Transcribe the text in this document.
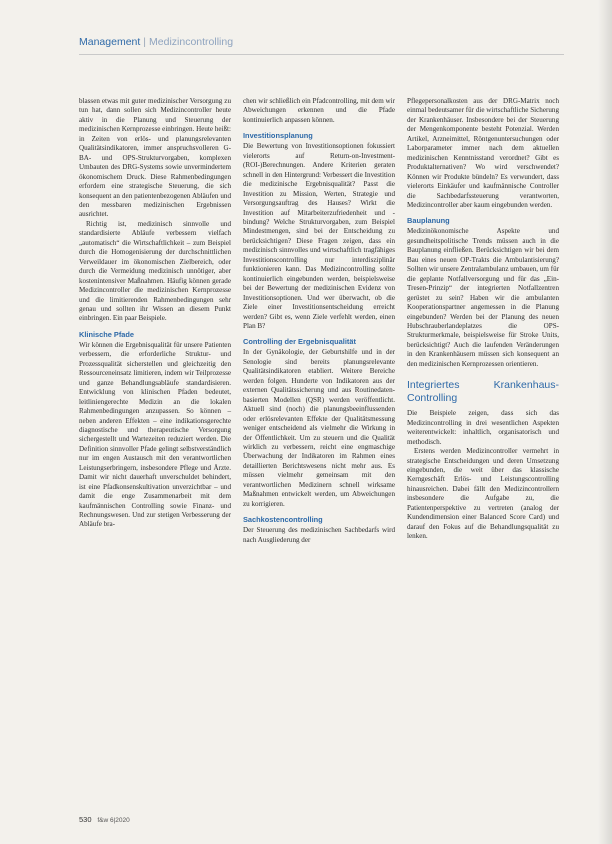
Management | Medizincontrolling

blassen etwas mit guter medizinischer Versorgung zu tun hat, dann sollen sich Medizincontroller heute aktiv in die Planung und Steuerung der medizinischen Kernprozesse einbringen. Heute heißt: in Zeiten von erlös- und planungsrelevanten Qualitätsindikatoren, immer anspruchsvolleren G-BA- und OPS-Strukturvorgaben, komplexen Umbauten des DRG-Systems sowie unvermindertem ökonomischem Druck. Diese Rahmenbedingungen erfordern eine strategische Steuerung, die sich konsequent an den patientenbezogenen Abläufen und den messbaren medizinischen Ergebnissen ausrichtet.

Richtig ist, medizinisch sinnvolle und standardisierte Abläufe verbessern vielfach „automatisch“ die Wirtschaftlichkeit – zum Beispiel durch die Homogenisierung der durchschnittlichen Verweildauer im ökonomischen Zielbereich, oder durch die Vermeidung medizinisch unnötiger, aber kostenintensiver Maßnahmen. Häufig können gerade Medizincontroller die medizinischen Kernprozesse und die limitierenden Rahmenbedingungen sehr genau und sollten ihr Wissen an diesem Punkt einbringen. Ein paar Beispiele.

Klinische Pfade

Wir können die Ergebnisqualität für unsere Patienten verbessern, die erforderliche Struktur- und Prozessqualität sicherstellen und gleichzeitig den Ressourceneinsatz limitieren, indem wir Teilprozesse und ganze Behandlungsabläufe standardisieren. Entwicklung von klinischen Pfaden bedeutet, leitliniengerechte Medizin an die lokalen Rahmenbedingungen anzupassen. So können – neben anderen Effekten – eine indikationsgerechte diagnostische und therapeutische Versorgung sichergestellt und Wartezeiten reduziert werden. Die Definition sinnvoller Pfade gelingt selbstverständlich nur im engen Austausch mit den verantwortlichen Leistungserbringern, insbesondere Pflege und Ärzte. Damit wir nicht dauerhaft unverschuldet behindert, ist eine Pfadkonsenskultivation unverzichtbar – und damit die enge Zusammenarbeit mit dem kaufmännischen Controlling sowie Finanz- und Rechnungswesen. Und zur stetigen Verbesserung der Abläufe bra-

chen wir schließlich ein Pfadcontrolling, mit dem wir Abweichungen erkennen und die Pfade kontinuierlich anpassen können.

Investitionsplanung

Die Bewertung von Investitionsoptionen fokussiert vielerorts auf Return-on-Investment-(ROI-)Berechnungen. Andere Kriterien geraten schnell in den Hintergrund: Verbessert die Investition die medizinische Ergebnisqualität? Passt die Investition zu Mission, Werten, Strategie und Versorgungsauftrag des Hauses? Wirkt die Investition auf Mitarbeiterzufriedenheit und -bindung? Welche Strukturvorgaben, zum Beispiel Mindestmengen, sind bei der Entscheidung zu berücksichtigen? Diese Fragen zeigen, dass ein medizinisch sinnvolles und wirtschaftlich tragfähiges Investitionscontrolling nur interdisziplinär funktionieren kann. Das Medizincontrolling sollte kontinuierlich eingebunden werden, beispielsweise bei der Bewertung der medizinischen Evidenz von Investitionsoptionen. Und wer überwacht, ob die Ziele einer Investitionsentscheidung erreicht werden? Gibt es, wenn Ziele verfehlt werden, einen Plan B?

Controlling der Ergebnisqualität

In der Gynäkologie, der Geburtshilfe und in der Senologie sind bereits planungsrelevante Qualitätsindikatoren etabliert. Weitere Bereiche werden folgen. Hunderte von Indikatoren aus der externen Qualitätssicherung und aus Routinedaten-basierten Modellen (QSR) werden veröffentlicht. Aktuell sind (noch) die planungsbeeinflussenden oder erlösrelevanten Effekte der Qualitätsmessung weniger entscheidend als vielmehr die Wirkung in der Öffentlichkeit. Um zu steuern und die Qualität wirklich zu verbessern, reicht eine engmaschige Überwachung der Indikatoren im Rahmen eines detaillierten Berichtswesens nicht mehr aus. Es müssen vielmehr gemeinsam mit den verantwortlichen Medizinern schnell wirksame Maßnahmen entwickelt werden, um Abweichungen zu korrigieren.

Sachkostencontrolling

Der Steuerung des medizinischen Sachbedarfs wird nach Ausgliederung der

Pflegepersonalkosten aus der DRG-Matrix noch einmal bedeutsamer für die wirtschaftliche Sicherung der Krankenhäuser. Insbesondere bei der Steuerung der Mengenkomponente besteht Potenzial. Werden Artikel, Arzneimittel, Röntgenuntersuchungen oder Laborparameter immer nach dem aktuellen medizinischen Kenntnisstand verordnet? Gibt es Produktalternativen? Wo wird verschwendet? Können wir Produkte bündeln? Es verwundert, dass vielerorts Einkäufer und kaufmännische Controller die Sachbedarfssteuerung verantworten, Medizincontroller aber kaum eingebunden werden.

Bauplanung

Medizinökonomische Aspekte und gesundheitspolitische Trends müssen auch in die Bauplanung einfließen. Berücksichtigen wir bei dem Bau eines neuen OP-Trakts die Ambulantisierung? Sollten wir unsere Zentralambulanz umbauen, um für die geplante Notfallversorgung und für das „Ein-Tresen-Prinzip“ der integrierten Notfallzentren gerüstet zu sein? Haben wir die ambulanten Kooperationspartner angemessen in die Planung eingebunden? Werden bei der Planung des neuen Hubschrauberlandeplatzes die OPS-Strukturmerkmale, beispielsweise für Stroke Units, berücksichtigt? Auch die laufenden Veränderungen in den Krankenhäusern müssen sich konsequent an den medizinischen Kernprozessen orientieren.

Integriertes Krankenhaus-Controlling

Die Beispiele zeigen, dass sich das Medizincontrolling in drei wesentlichen Aspekten weiterentwickelt: inhaltlich, organisatorisch und methodisch.

Erstens werden Medizincontroller vermehrt in strategische Entscheidungen und deren Umsetzung eingebunden, die weit über das klassische Kerngeschäft Erlös- und Leistungscontrolling hinausreichen. Dabei fällt den Medizincontrollern insbesondere die Aufgabe zu, die Patientenperspektive zu vertreten (analog der Kundendimension einer Balanced Score Card) und darauf den Fokus auf die Behandlungsqualität zu lenken.

530 f&w 6|2020
